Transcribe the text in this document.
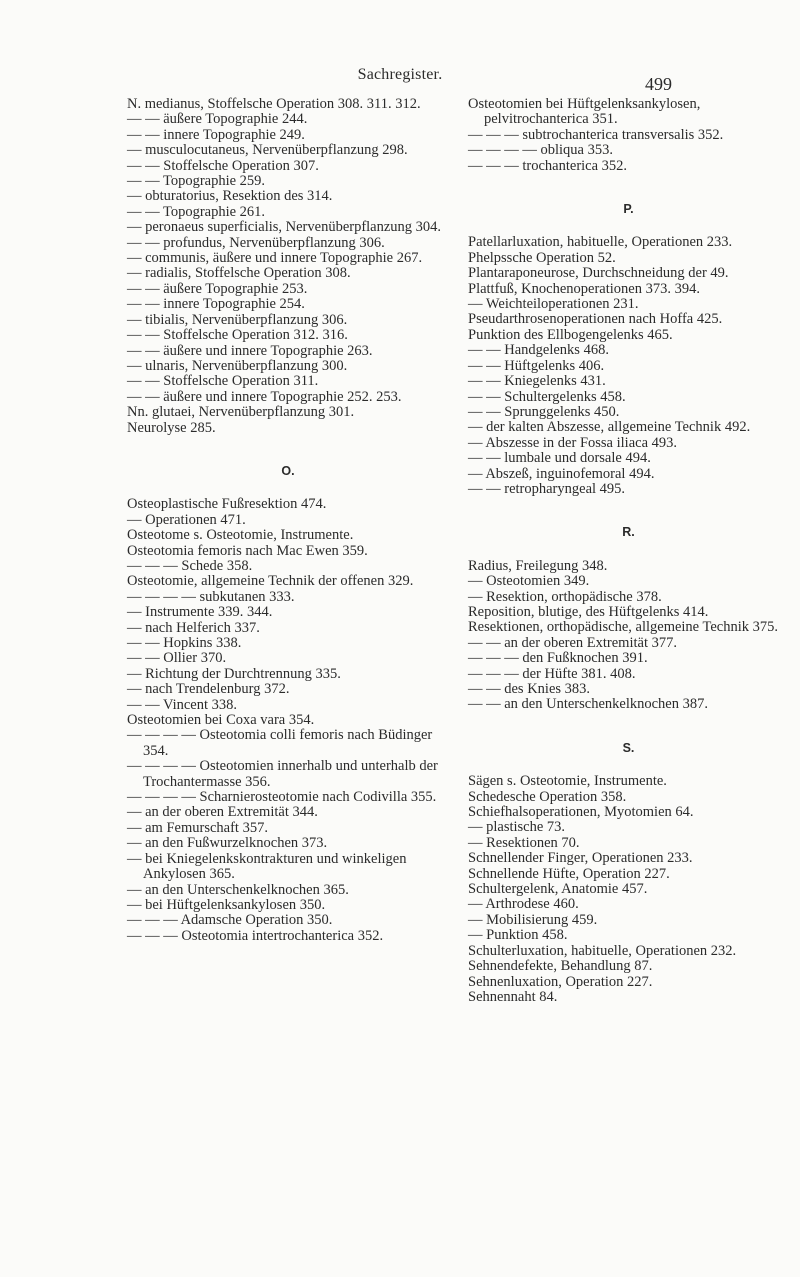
Sachregister.	499
N. medianus, Stoffelsche Operation 308. 311. 312.
— — äußere Topographie 244.
— — innere Topographie 249.
— musculocutaneus, Nervenüberpflanzung 298.
— — Stoffelsche Operation 307.
— — Topographie 259.
— obturatorius, Resektion des 314.
— — Topographie 261.
— peronaeus superficialis, Nervenüberpflanzung 304.
— — profundus, Nervenüberpflanzung 306.
— communis, äußere und innere Topographie 267.
— radialis, Stoffelsche Operation 308.
— — äußere Topographie 253.
— — innere Topographie 254.
— tibialis, Nervenüberpflanzung 306.
— — Stoffelsche Operation 312. 316.
— — äußere und innere Topographie 263.
— ulnaris, Nervenüberpflanzung 300.
— — Stoffelsche Operation 311.
— — äußere und innere Topographie 252. 253.
Nn. glutaei, Nervenüberpflanzung 301.
Neurolyse 285.
O.
Osteoplastische Fußresektion 474.
— Operationen 471.
Osteotome s. Osteotomie, Instrumente.
Osteotomia femoris nach Mac Ewen 359.
— — — Schede 358.
Osteotomie, allgemeine Technik der offenen 329.
— — — — subkutanen 333.
— Instrumente 339. 344.
— nach Helferich 337.
— — Hopkins 338.
— — Ollier 370.
— Richtung der Durchtrennung 335.
— nach Trendelenburg 372.
— — Vincent 338.
Osteotomien bei Coxa vara 354.
— — — — Osteotomia colli femoris nach Büdinger 354.
— — — — Osteotomien innerhalb und unterhalb der Trochantermasse 356.
— — — — Scharnierosteotomie nach Codivilla 355.
— an der oberen Extremität 344.
— am Femurschaft 357.
— an den Fußwurzelknochen 373.
— bei Kniegelenkskontrakturen und winkeligen Ankylosen 365.
— an den Unterschenkelknochen 365.
— bei Hüftgelenksankylosen 350.
— — — Adamsche Operation 350.
— — — Osteotomia intertrochanterica 352.
Osteotomien bei Hüftgelenksankylosen, pelvitrochanterica 351.
— — — subtrochanterica transversalis 352.
— — — — obliqua 353.
— — — trochanterica 352.
P.
Patellarluxation, habituelle, Operationen 233.
Phelpssche Operation 52.
Plantaraponeurose, Durchschneidung der 49.
Plattfuß, Knochenoperationen 373. 394.
— Weichteiloperationen 231.
Pseudarthrosenoperationen nach Hoffa 425.
Punktion des Ellbogengelenks 465.
— — Handgelenks 468.
— — Hüftgelenks 406.
— — Kniegelenks 431.
— — Schultergelenks 458.
— — Sprunggelenks 450.
— der kalten Abszesse, allgemeine Technik 492.
— Abszesse in der Fossa iliaca 493.
— — lumbale und dorsale 494.
— Abszeß, inguinofemoral 494.
— — retropharyngeal 495.
R.
Radius, Freilegung 348.
— Osteotomien 349.
— Resektion, orthopädische 378.
Reposition, blutige, des Hüftgelenks 414.
Resektionen, orthopädische, allgemeine Technik 375.
— — an der oberen Extremität 377.
— — — den Fußknochen 391.
— — — der Hüfte 381. 408.
— — des Knies 383.
— — an den Unterschenkelknochen 387.
S.
Sägen s. Osteotomie, Instrumente.
Schedesche Operation 358.
Schiefhalsoperationen, Myotomien 64.
— plastische 73.
— Resektionen 70.
Schnellender Finger, Operationen 233.
Schnellende Hüfte, Operation 227.
Schultergelenk, Anatomie 457.
— Arthrodese 460.
— Mobilisierung 459.
— Punktion 458.
Schulterluxation, habituelle, Operationen 232.
Sehnendefekte, Behandlung 87.
Sehnenluxation, Operation 227.
Sehnennaht 84.
